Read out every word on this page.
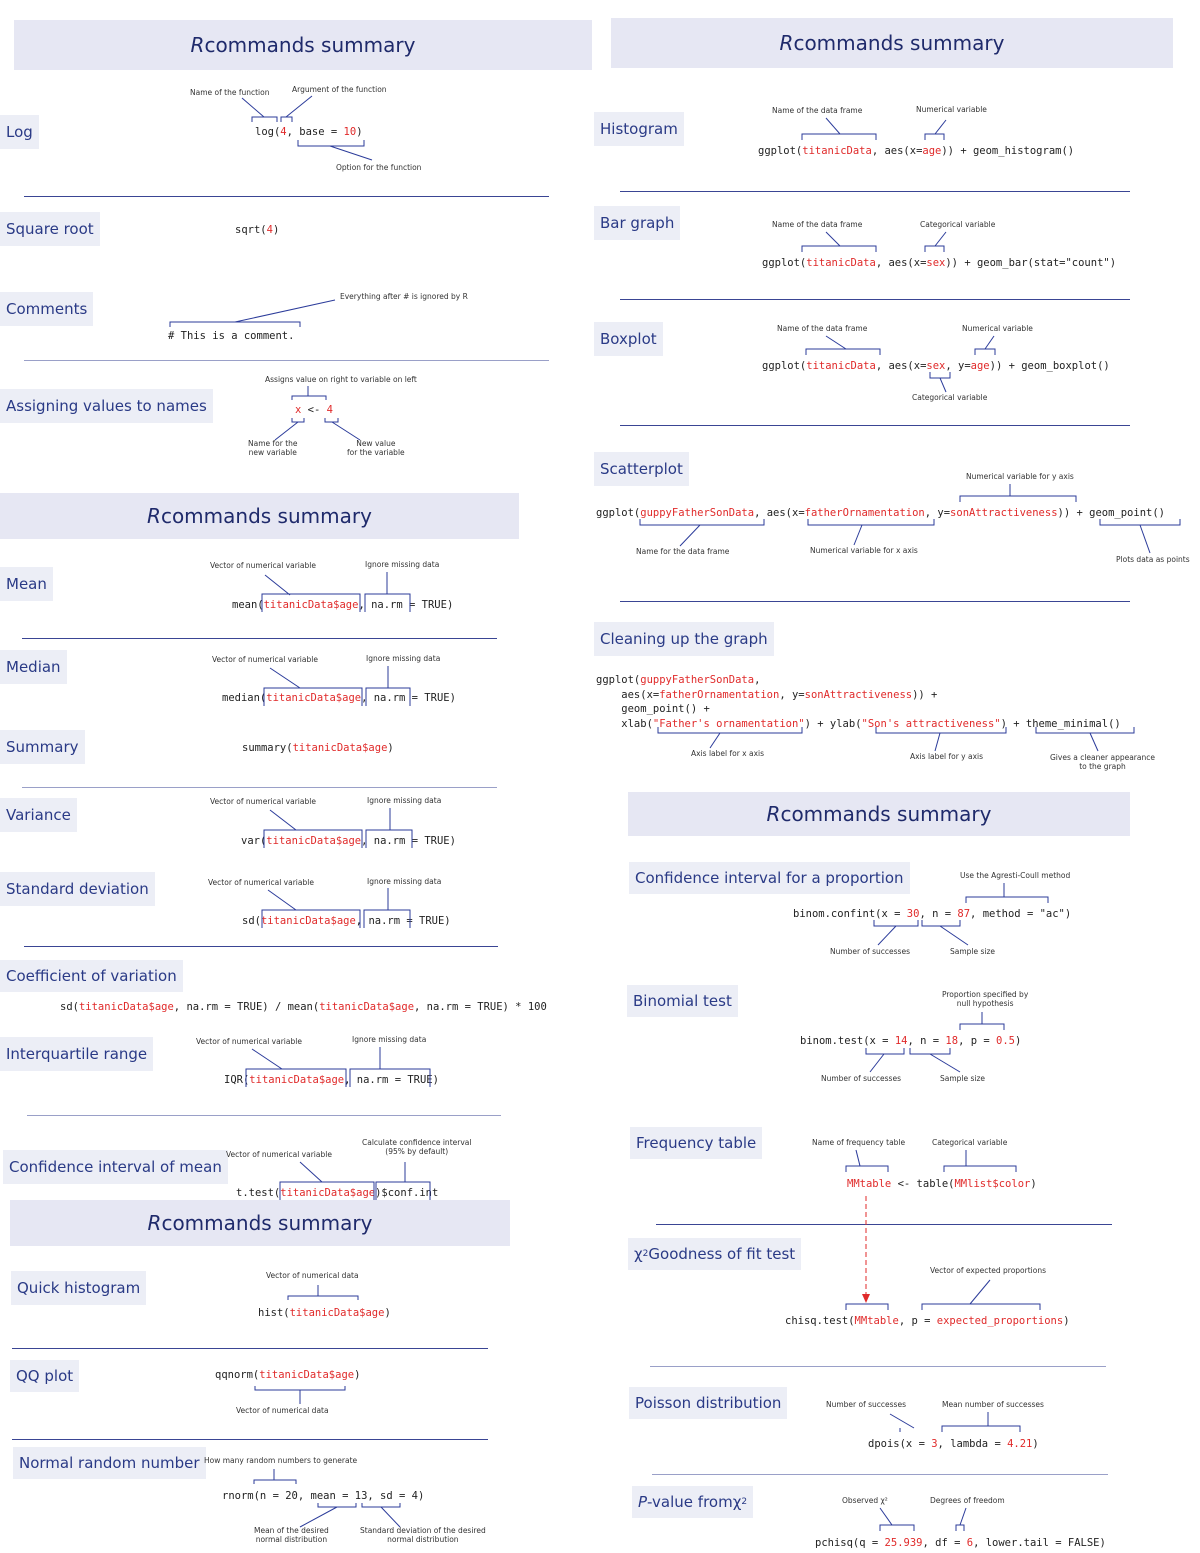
R commands summary	R commands summary
R commands summary
R commands summary
R commands summary
Log	log(4, base = 10)
Name of the function	Argument of the function
Option for the function
Square root	sqrt(4)
Comments
# This is a comment.
Everything after # is ignored by R
Assigning values to names	x <- 4
Assigns value on right to variable on left
Name for the
new variable
New value
for the variable
Mean
mean(titanicData$age, na.rm = TRUE)
Vector of numerical variable	Ignore missing data
Median
median(titanicData$age, na.rm = TRUE)
Vector of numerical variable	Ignore missing data
Summary	summary(titanicData$age)
Variance
var(titanicData$age, na.rm = TRUE)
Vector of numerical variable	Ignore missing data
Standard deviation
sd(titanicData$age, na.rm = TRUE)
Vector of numerical variable	Ignore missing data
Coefficient of variation
sd(titanicData$age, na.rm = TRUE) / mean(titanicData$age, na.rm = TRUE) * 100
Interquartile range
IQR(titanicData$age, na.rm = TRUE)
Vector of numerical variable	Ignore missing data
Confidence interval of mean
t.test(titanicData$age)$conf.int
Vector of numerical variable
Calculate confidence interval
(95% by default)
Quick histogram
hist(titanicData$age)
Vector of numerical data
QQ plot	qqnorm(titanicData$age)
Vector of numerical data
Normal random number
rnorm(n = 20, mean = 13, sd = 4)
How many random numbers to generate
Mean of the desired
normal distribution
Standard deviation of the desired
normal distribution
Histogram
ggplot(titanicData, aes(x=age)) + geom_histogram()
Name of the data frame	Numerical variable
Bar graph
ggplot(titanicData, aes(x=sex)) + geom_bar(stat="count")
Name of the data frame	Categorical variable
Boxplot
ggplot(titanicData, aes(x=sex, y=age)) + geom_boxplot()
Name of the data frame	Numerical variable
Categorical variable
Scatterplot
ggplot(guppyFatherSonData, aes(x=fatherOrnamentation, y=sonAttractiveness)) + geom_point()
Numerical variable for y axis
Name for the data frame	Numerical variable for x axis
Plots data as points
Cleaning up the graph
ggplot(guppyFatherSonData,
aes(x=fatherOrnamentation, y=sonAttractiveness)) +
geom_point() +
xlab("Father's ornamentation") + ylab("Son's attractiveness") + theme_minimal()
Axis label for x axis	Axis label for y axis	Gives a cleaner appearance
to the graph
Confidence interval for a proportion
binom.confint(x = 30, n = 87, method = "ac")
Use the Agresti-Coull method
Number of successes	Sample size
Binomial test
binom.test(x = 14, n = 18, p = 0.5)
Proportion specified by
null hypothesis
Number of successes	Sample size
Frequency table
MMtable <- table(MMlist$color)
Name of frequency table	Categorical variable
χ 2 Goodness of fit test
chisq.test(MMtable, p = expected_proportions)
Vector of expected proportions
Poisson distribution
dpois(x = 3, lambda = 4.21)
Number of successes	Mean number of successes
P -value from χ 2
pchisq(q = 25.939, df = 6, lower.tail = FALSE)
Observed χ²	Degrees of freedom
